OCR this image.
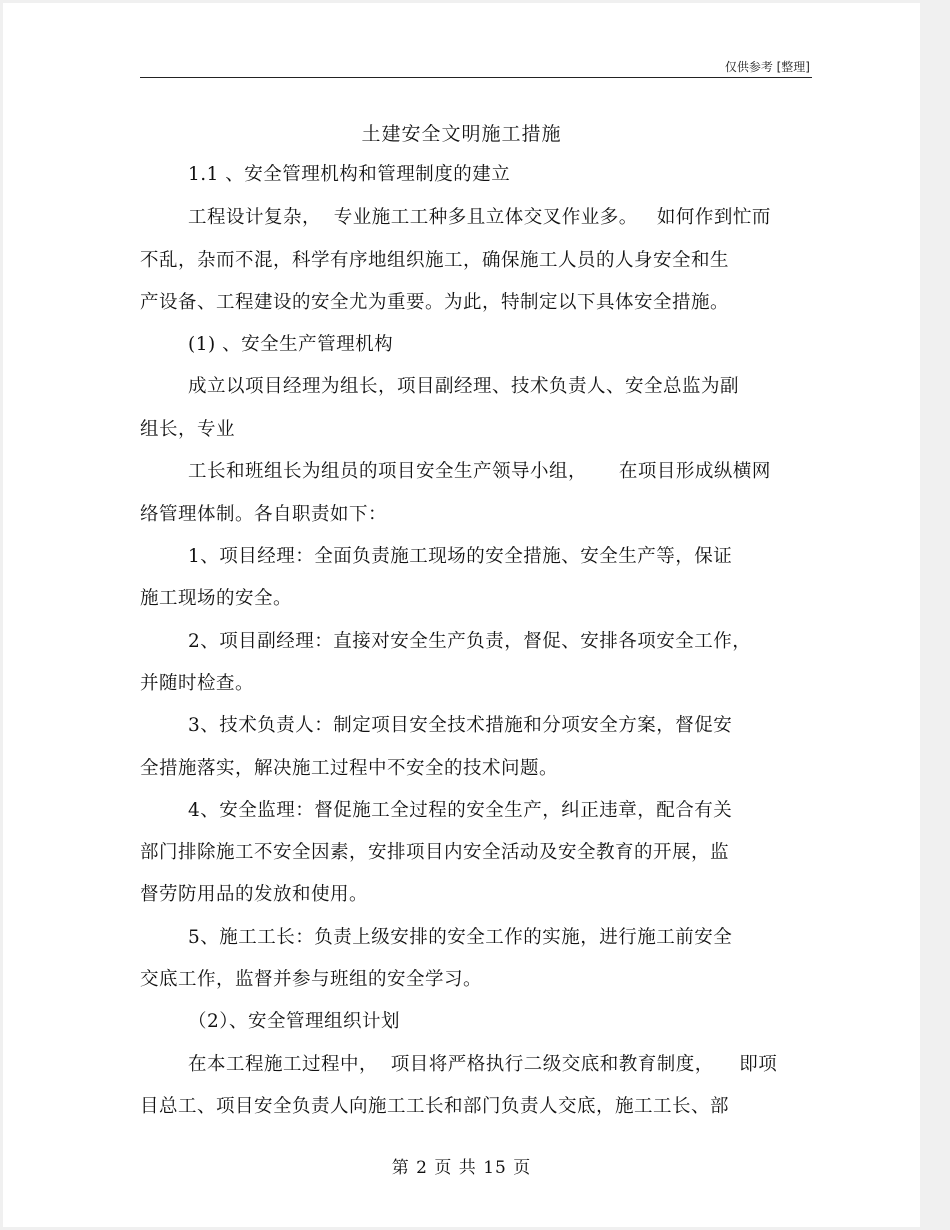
仅供参考 [整理]
土建安全文明施工措施
1.1 、安全管理机构和管理制度的建立
工程设计复杂，  专业施工工种多且立体交叉作业多。   如何作到忙而
不乱，杂而不混，科学有序地组织施工，确保施工人员的人身安全和生
产设备、工程建设的安全尤为重要。为此，特制定以下具体安全措施。
(1) 、安全生产管理机构
成立以项目经理为组长，项目副经理、技术负责人、安全总监为副
组长，专业
工长和班组长为组员的项目安全生产领导小组，     在项目形成纵横网
络管理体制。各自职责如下：
1、项目经理：全面负责施工现场的安全措施、安全生产等，保证
施工现场的安全。
2、项目副经理：直接对安全生产负责，督促、安排各项安全工作，
并随时检查。
3、技术负责人：制定项目安全技术措施和分项安全方案，督促安
全措施落实，解决施工过程中不安全的技术问题。
4、安全监理：督促施工全过程的安全生产，纠正违章，配合有关
部门排除施工不安全因素，安排项目内安全活动及安全教育的开展，监
督劳防用品的发放和使用。
5、施工工长：负责上级安排的安全工作的实施，进行施工前安全
交底工作，监督并参与班组的安全学习。
（2）、安全管理组织计划
在本工程施工过程中，  项目将严格执行二级交底和教育制度，    即项
目总工、项目安全负责人向施工工长和部门负责人交底，施工工长、部
第 2 页 共 15 页
